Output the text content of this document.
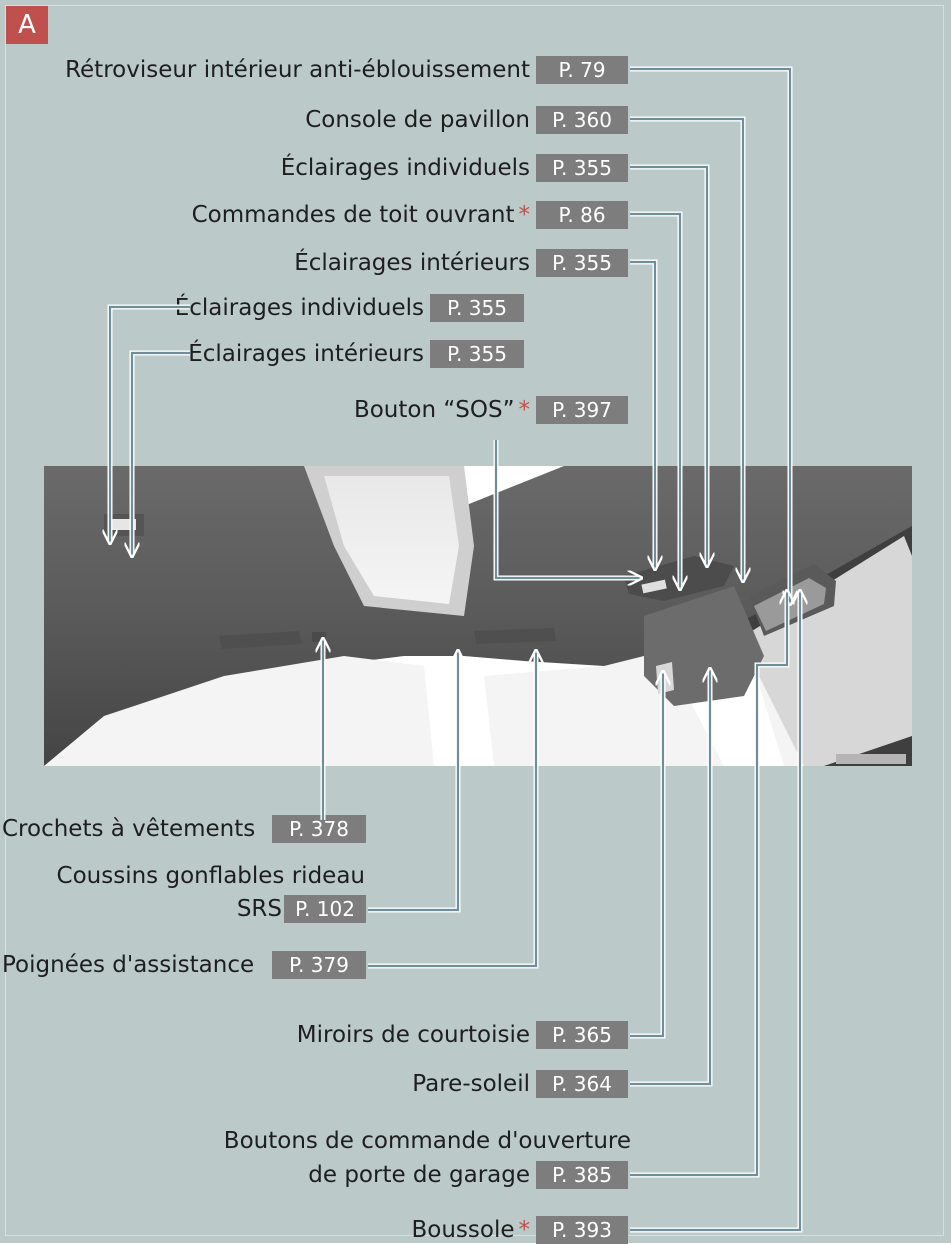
A
Rétroviseur intérieur anti-éblouissement	P. 79
Console de pavillon	P. 360
Éclairages individuels	P. 355
Commandes de toit ouvrant *	P. 86
Éclairages intérieurs	P. 355
Éclairages individuels	P. 355
Éclairages intérieurs	P. 355
Bouton “SOS” *	P. 397
Crochets à vêtements	P. 378
Coussins gonflables rideau
SRS P. 102
Poignées d'assistance	P. 379
Miroirs de courtoisie	P. 365
Pare-soleil	P. 364
Boutons de commande d'ouverture
de porte de garage	P. 385
Boussole *	P. 393
